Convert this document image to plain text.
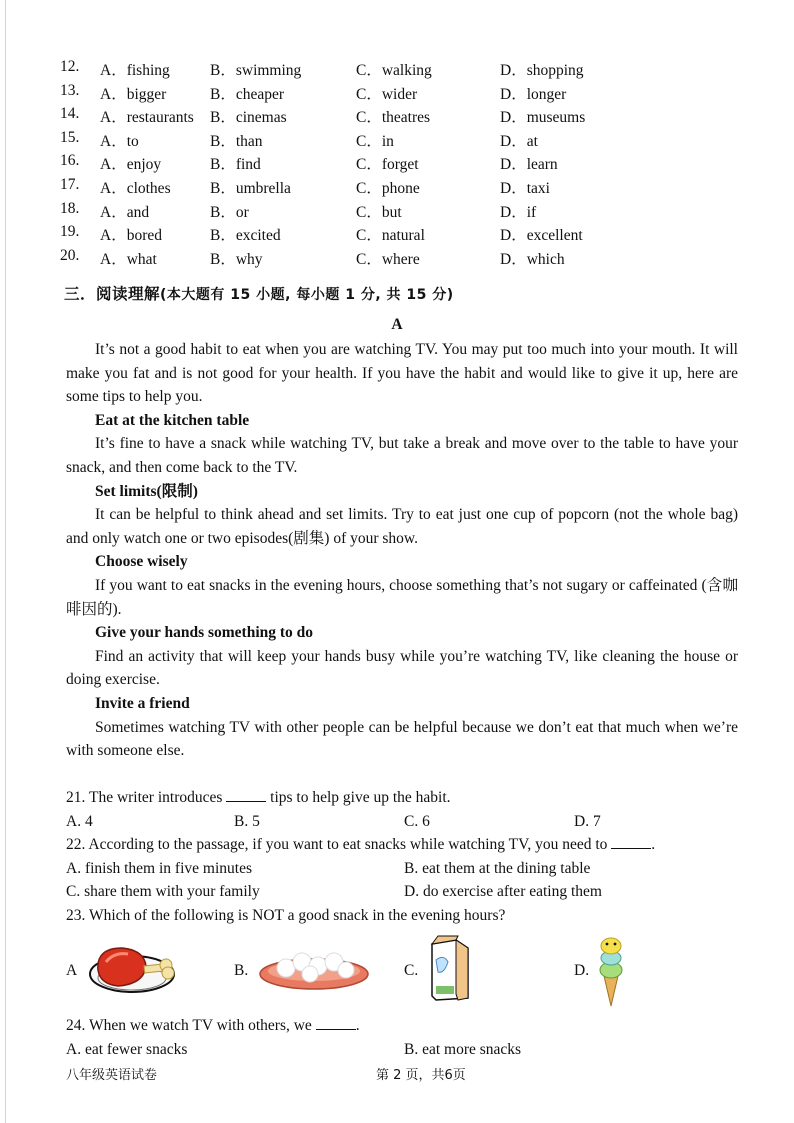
12. A．fishing	B．swimming	C．walking	D．shopping
13. A．bigger	B．cheaper	C．wider	D．longer
14. A．restaurants B．cinemas	C．theatres	D．museums
15. A．to	B．than	C．in	D．at
16. A．enjoy	B．find	C．forget	D．learn
17. A．clothes	B．umbrella	C．phone	D．taxi
18. A．and	B．or	C．but	D．if
19. A．bored	B．excited	C．natural	D．excellent
20. A．what	B．why	C．where	D．which
三．阅读理解(本大题有 15 小题, 每小题 1 分, 共 15 分)
A

It’s not a good habit to eat when you are watching TV. You may put too much into your mouth. It will make you fat and is not good for your health. If you have the habit and would like to give it up, here are some tips to help you.

Eat at the kitchen table

It’s fine to have a snack while watching TV, but take a break and move over to the table to have your snack, and then come back to the TV.

Set limits(限制)

It can be helpful to think ahead and set limits. Try to eat just one cup of popcorn (not the whole bag) and only watch one or two episodes(剧集) of your show.

Choose wisely

If you want to eat snacks in the evening hours, choose something that’s not sugary or caffeinated (含咖啡因的).

Give your hands something to do

Find an activity that will keep your hands busy while you’re watching TV, like cleaning the house or doing exercise.

Invite a friend

Sometimes watching TV with other people can be helpful because we don’t eat that much when we’re with someone else.

21. The writer introduces	tips to help give up the habit.
A. 4	B. 5	C. 6	D. 7
22. According to the passage, if you want to eat snacks while watching TV, you need to	.
A. finish them in five minutes	B. eat them at the dining table
C. share them with your family	D. do exercise after eating them
23. Which of the following is NOT a good snack in the evening hours?
A	B.	C.	D.
24. When we watch TV with others, we	.
A. eat fewer snacks	B. eat more snacks
八年级英语试卷	第 2 页，共6页
